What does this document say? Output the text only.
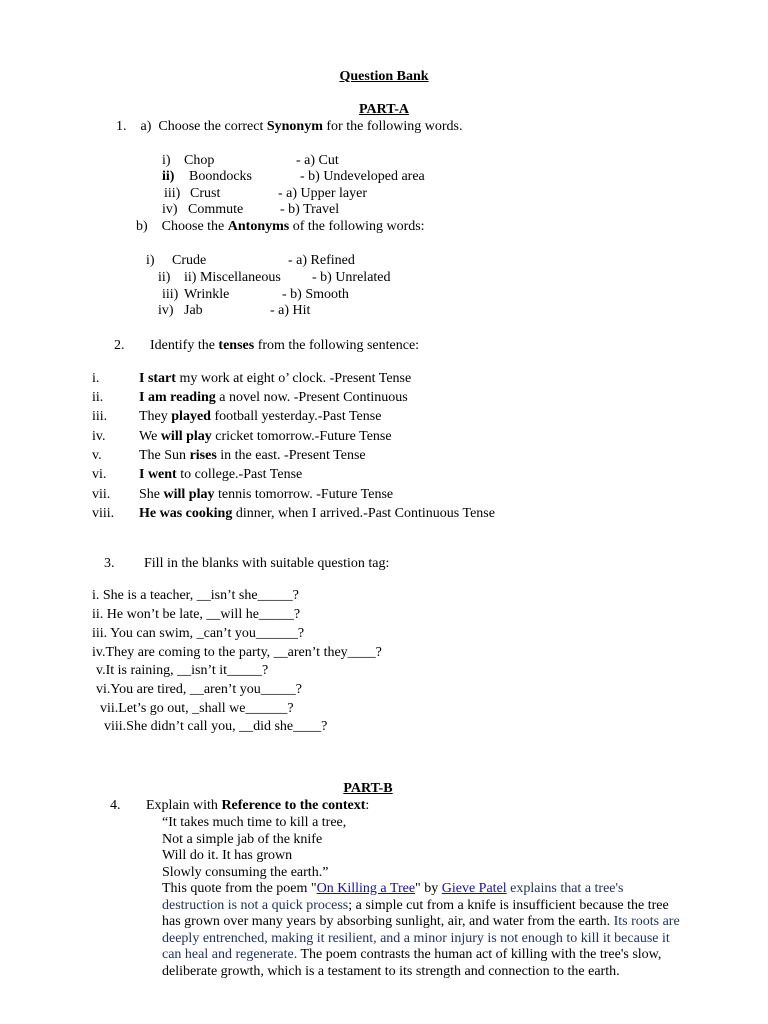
Question Bank
PART-A
1. a) Choose the correct Synonym for the following words.
i) Chop	- a) Cut
ii) Boondocks	- b) Undeveloped area
iii) Crust	- a) Upper layer
iv) Commute	- b) Travel
b) Choose the Antonyms of the following words:
i) Crude	- a) Refined
ii) ii) Miscellaneous - b) Unrelated
iii) Wrinkle	- b) Smooth
iv) Jab	- a) Hit
2. Identify the tenses from the following sentence:
i.	I start my work at eight o’ clock. -Present Tense
ii.	I am reading a novel now. -Present Continuous
iii. They played football yesterday.-Past Tense
iv. We will play cricket tomorrow.-Future Tense
v.	The Sun rises in the east. -Present Tense
vi. I went to college.-Past Tense
vii. She will play tennis tomorrow. -Future Tense
viii. He was cooking dinner, when I arrived.-Past Continuous Tense
3. Fill in the blanks with suitable question tag:
i. She is a teacher, __isn’t she_____?
ii. He won’t be late, __will he_____?
iii. You can swim, _can’t you______?
iv.They are coming to the party, __aren’t they____?
v.It is raining, __isn’t it_____?
vi.You are tired, __aren’t you_____?
vii.Let’s go out, _shall we______?
viii.She didn’t call you, __did she____?
PART-B
4. Explain with Reference to the context:
“It takes much time to kill a tree,
Not a simple jab of the knife
Will do it. It has grown
Slowly consuming the earth.”
This quote from the poem "On Killing a Tree" by Gieve Patel explains that a tree's destruction is not a quick process; a simple cut from a knife is insufficient because the tree has grown over many years by absorbing sunlight, air, and water from the earth. Its roots are deeply entrenched, making it resilient, and a minor injury is not enough to kill it because it can heal and regenerate. The poem contrasts the human act of killing with the tree's slow, deliberate growth, which is a testament to its strength and connection to the earth.
